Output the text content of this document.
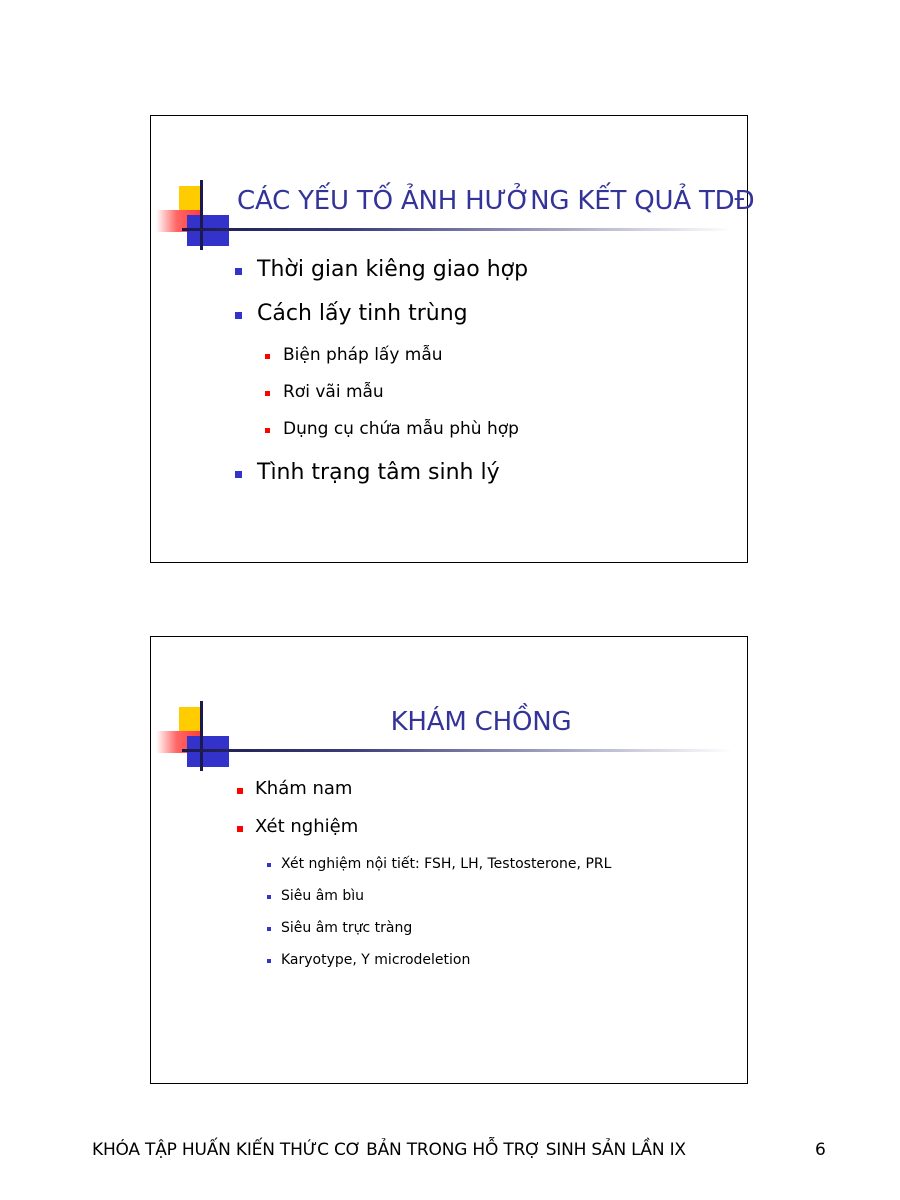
CÁC YẾU TỐ ẢNH HƯỞNG KẾT QUẢ TDĐ
Thời gian kiêng giao hợp
Cách lấy tinh trùng
Biện pháp lấy mẫu
Rơi vãi mẫu
Dụng cụ chứa mẫu phù hợp
Tình trạng tâm sinh lý
KHÁM CHỒNG
Khám nam
Xét nghiệm
Xét nghiệm nội tiết: FSH, LH, Testosterone, PRL
Siêu âm bìu
Siêu âm trực tràng
Karyotype, Y microdeletion
KHÓA TẬP HUẤN KIẾN THỨC CƠ BẢN TRONG HỖ TRỢ SINH SẢN LẦN IX	6
